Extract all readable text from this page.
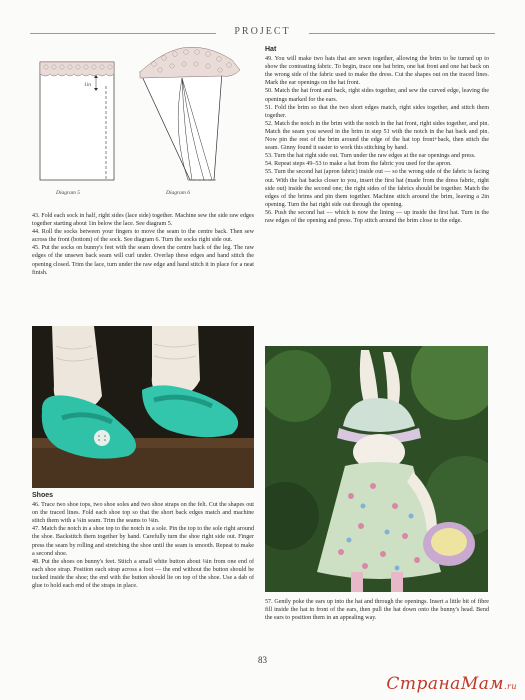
PROJECT
1in
Diagram 5	Diagram 6

43. Fold each sock in half, right sides (lace side) together. Machine sew the side raw edges together starting about 1in below the lace. See diagram 5.

44. Roll the socks between your fingers to move the seam to the centre back. Then sew across the front (bottom) of the sock. See diagram 6. Turn the socks right side out.

45. Put the socks on bunny's feet with the seam down the centre back of the leg. The raw edges of the unsewn back seam will curl under. Overlap these edges and hand stitch the opening closed. Trim the lace, turn under the raw edge and hand stitch it in place for a neat finish.

Shoes

46. Trace two shoe tops, two shoe soles and two shoe straps on the felt. Cut the shapes out on the traced lines. Fold each shoe top so that the short back edges match and machine stitch them with a ¼in seam. Trim the seams to ⅛in.

47. Match the notch in a shoe top to the notch in a sole. Pin the top to the sole right around the shoe. Backstitch them together by hand. Carefully turn the shoe right side out. Finger press the seam by rolling and stretching the shoe until the seam is smooth. Repeat to make a second shoe.

48. Put the shoes on bunny's feet. Stitch a small white button about ¼in from one end of each shoe strap. Position each strap across a foot — the end without the button should be tucked inside the shoe; the end with the button should lie on top of the shoe. Use a dab of glue to hold each end of the straps in place.

Hat

49. You will make two hats that are sewn together, allowing the brim to be turned up to show the contrasting fabric. To begin, trace one hat brim, one hat front and one hat back on the wrong side of the fabric used to make the dress. Cut the shapes out on the traced lines. Mark the ear openings on the hat front.

50. Match the hat front and back, right sides together, and sew the curved edge, leaving the openings marked for the ears.

51. Fold the brim so that the two short edges match, right sides together, and stitch them together.

52. Match the notch in the brim with the notch in the hat front, right sides together, and pin. Match the seam you sewed in the brim in step 51 with the notch in the hat back and pin. Now pin the rest of the brim around the edge of the hat top front+back, then stitch the seam. Ginny found it easier to work this stitching by hand.

53. Turn the hat right side out. Turn under the raw edges at the ear openings and press.

54. Repeat steps 49–53 to make a hat from the fabric you used for the apron.

55. Turn the second hat (apron fabric) inside out — so the wrong side of the fabric is facing out. With the hat backs closer to you, insert the first hat (made from the dress fabric, right side out) inside the second one; the right sides of the fabrics should be together. Match the edges of the brims and pin them together. Machine stitch around the brim, leaving a 2in opening. Turn the hat right side out through the opening.

56. Push the second hat — which is now the lining — up inside the first hat. Turn in the raw edges of the opening and press. Top stitch around the brim close to the edge.

57. Gently poke the ears up into the hat and through the openings. Insert a little bit of fibre fill inside the hat in front of the ears, then pull the hat down onto the bunny's head. Bend the ears to position them in an appealing way.

83
СтранаМам.ru
